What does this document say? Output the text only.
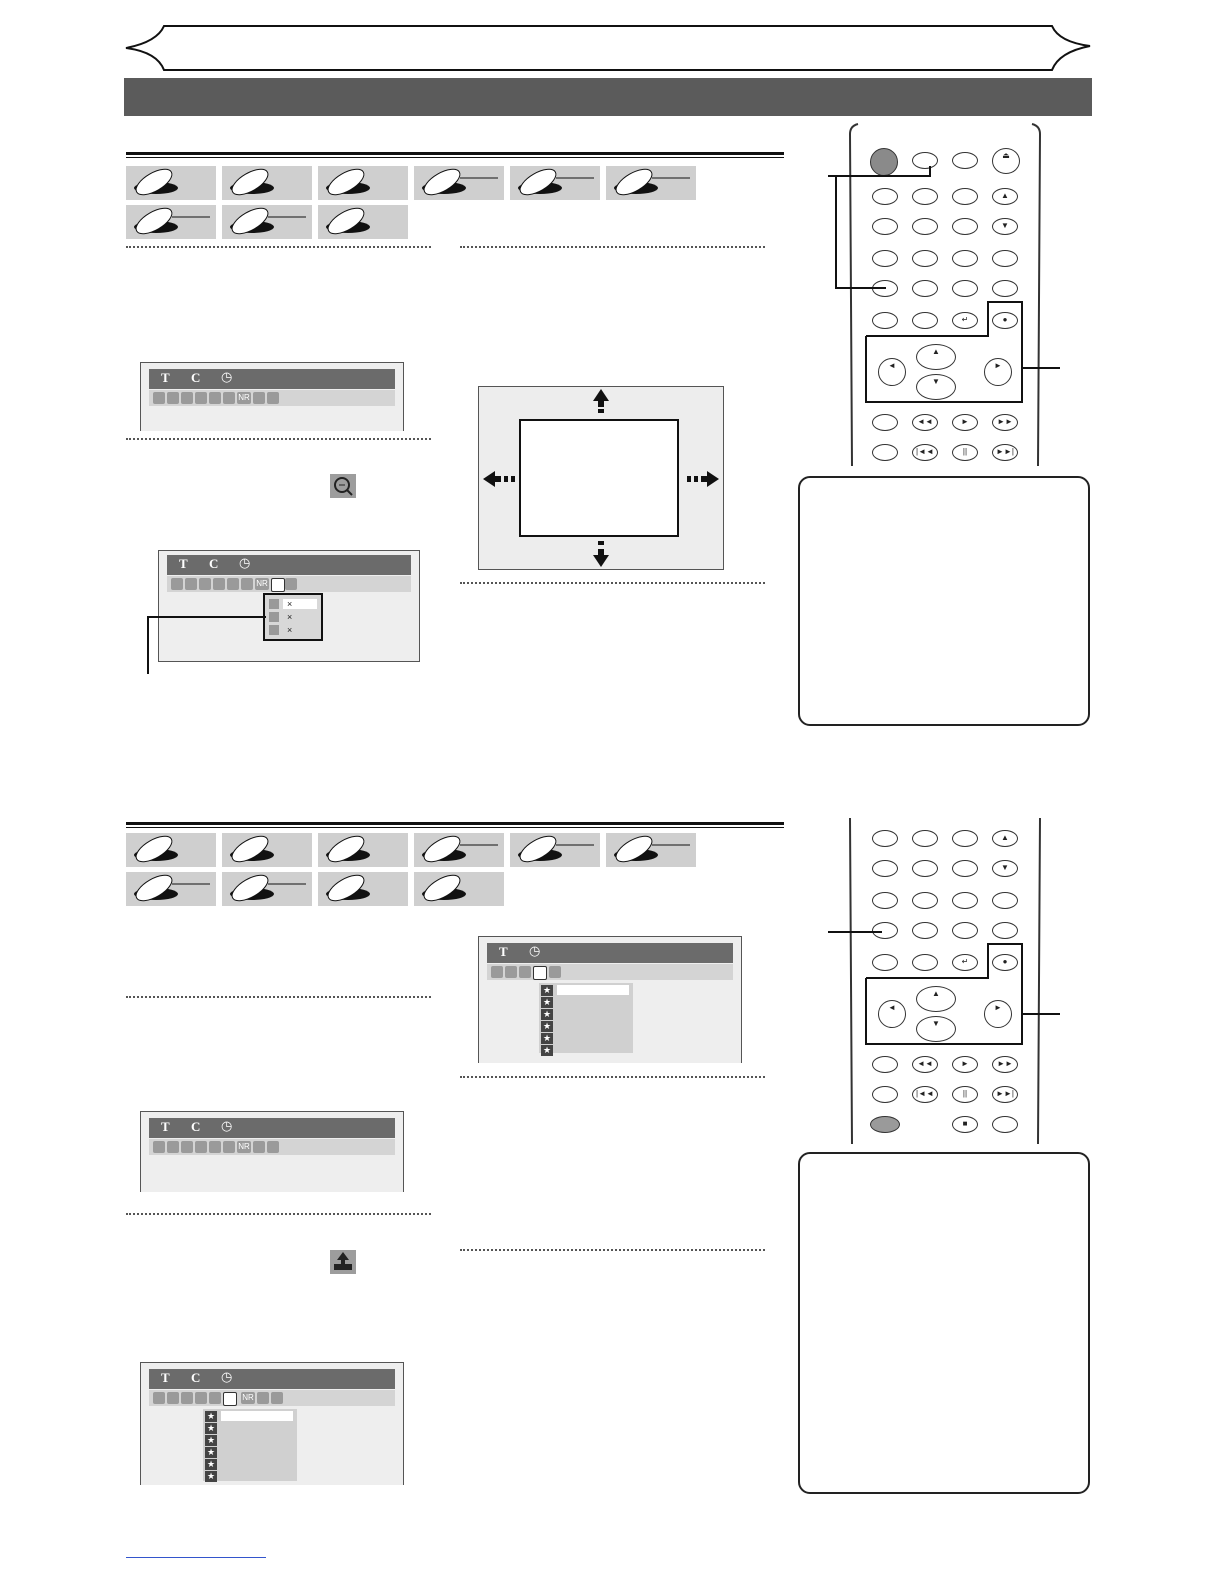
T C ◷
NR
T C ◷
NR
×
×
×
⏏
▲
▼
↵	●
◄
▲
▼
►
◄◄	►	►►
|◄◄	||	►►|
T C ◷
NR
T C ◷
NR
★
★
★
★
★
★
T ◷
★
★
★
★
★
★
▲
▼
↵	●
◄
▲
▼
►
◄◄	►	►►
|◄◄	||	►►|
■
